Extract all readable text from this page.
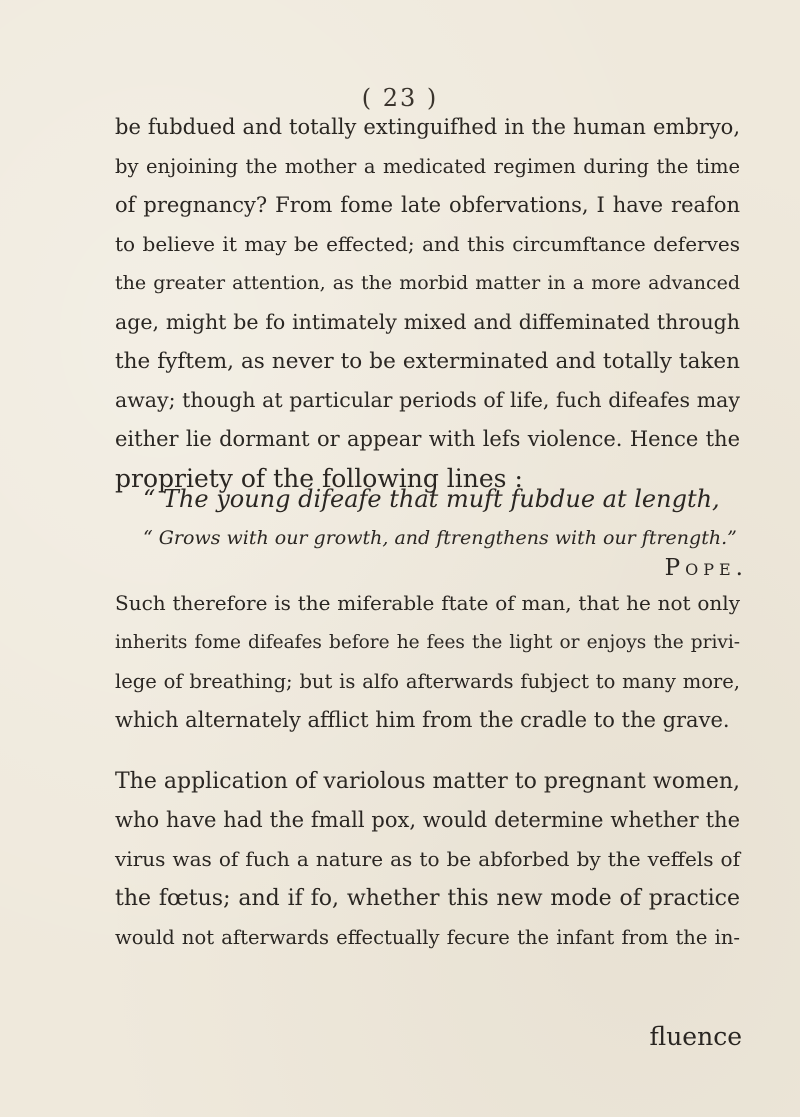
( 23 )

be fubdued and totally extinguifhed in the human embryo,
by enjoining the mother a medicated regimen during the time
of pregnancy? From fome late obfervations, I have reafon
to believe it may be effected; and this circumftance deferves
the greater attention, as the morbid matter in a more advanced
age, might be fo intimately mixed and diffeminated through
the fyftem, as never to be exterminated and totally taken
away; though at particular periods of life, fuch difeafes may
either lie dormant or appear with lefs violence. Hence the
propriety of the following lines :

“ The young difeafe that muft fubdue at length,
“ Grows with our growth, and ftrengthens with our ftrength.”
Pope.

Such therefore is the miferable ftate of man, that he not only
inherits fome difeafes before he fees the light or enjoys the privi-
lege of breathing; but is alfo afterwards fubject to many more,
which alternately afflict him from the cradle to the grave.

The application of variolous matter to pregnant women,
who have had the fmall pox, would determine whether the
virus was of fuch a nature as to be abforbed by the veffels of
the fœtus; and if fo, whether this new mode of practice
would not afterwards effectually fecure the infant from the in-

fluence
